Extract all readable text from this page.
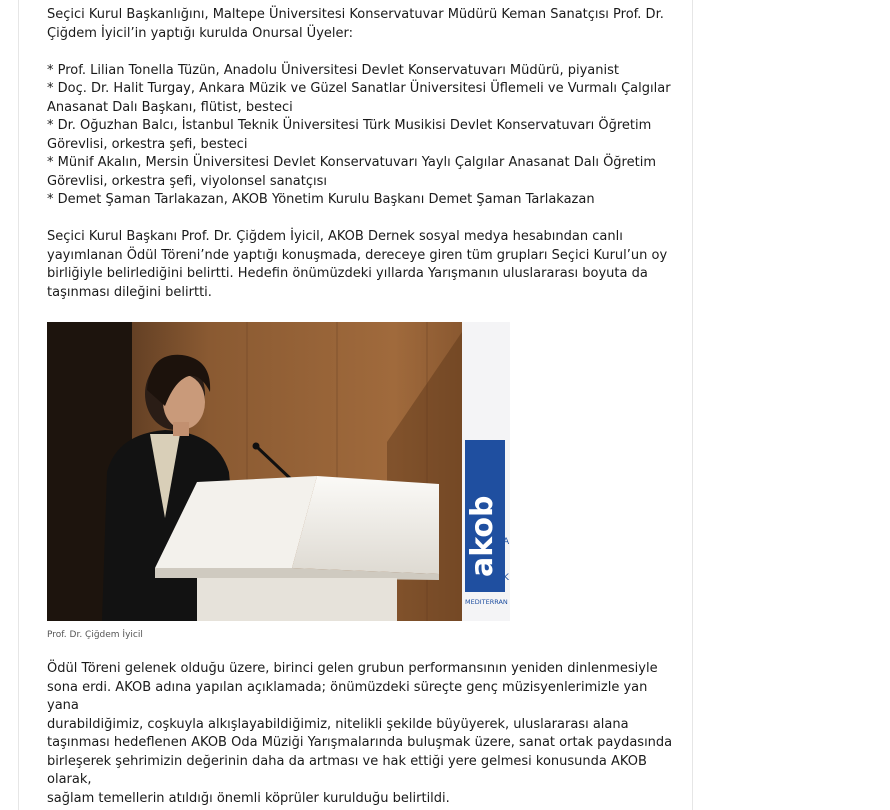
Seçici Kurul Başkanlığını, Maltepe Üniversitesi Konservatuvar Müdürü Keman Sanatçısı Prof. Dr.
Çiğdem İyicil’in yaptığı kurulda Onursal Üyeler:

* Prof. Lilian Tonella Tüzün, Anadolu Üniversitesi Devlet Konservatuvarı Müdürü, piyanist
* Doç. Dr. Halit Turgay, Ankara Müzik ve Güzel Sanatlar Üniversitesi Üflemeli ve Vurmalı Çalgılar
Anasanat Dalı Başkanı, flütist, besteci
* Dr. Oğuzhan Balcı, İstanbul Teknik Üniversitesi Türk Musikisi Devlet Konservatuvarı Öğretim
Görevlisi, orkestra şefi, besteci
* Münif Akalın, Mersin Üniversitesi Devlet Konservatuvarı Yaylı Çalgılar Anasanat Dalı Öğretim
Görevlisi, orkestra şefi, viyolonsel sanatçısı
* Demet Şaman Tarlakazan, AKOB Yönetim Kurulu Başkanı Demet Şaman Tarlakazan

Seçici Kurul Başkanı Prof. Dr. Çiğdem İyicil, AKOB Dernek sosyal medya hesabından canlı
yayımlanan Ödül Töreni’nde yaptığı konuşmada, dereceye giren tüm grupları Seçici Kurul’un oy
birliğiyle belirlediğini belirtti. Hedefin önümüzdeki yıllarda Yarışmanın uluslararası boyuta da
taşınması dileğini belirtti.

akob A
K
MEDITERRAN
Prof. Dr. Çiğdem İyicil
Ödül Töreni gelenek olduğu üzere, birinci gelen grubun performansının yeniden dinlenmesiyle
sona erdi. AKOB adına yapılan açıklamada; önümüzdeki süreçte genç müzisyenlerimizle yan yana
durabildiğimiz, coşkuyla alkışlayabildiğimiz, nitelikli şekilde büyüyerek, uluslararası alana
taşınması hedeflenen AKOB Oda Müziği Yarışmalarında buluşmak üzere, sanat ortak paydasında
birleşerek şehrimizin değerinin daha da artması ve hak ettiği yere gelmesi konusunda AKOB olarak,
sağlam temellerin atıldığı önemli köprüler kurulduğu belirtildi.
